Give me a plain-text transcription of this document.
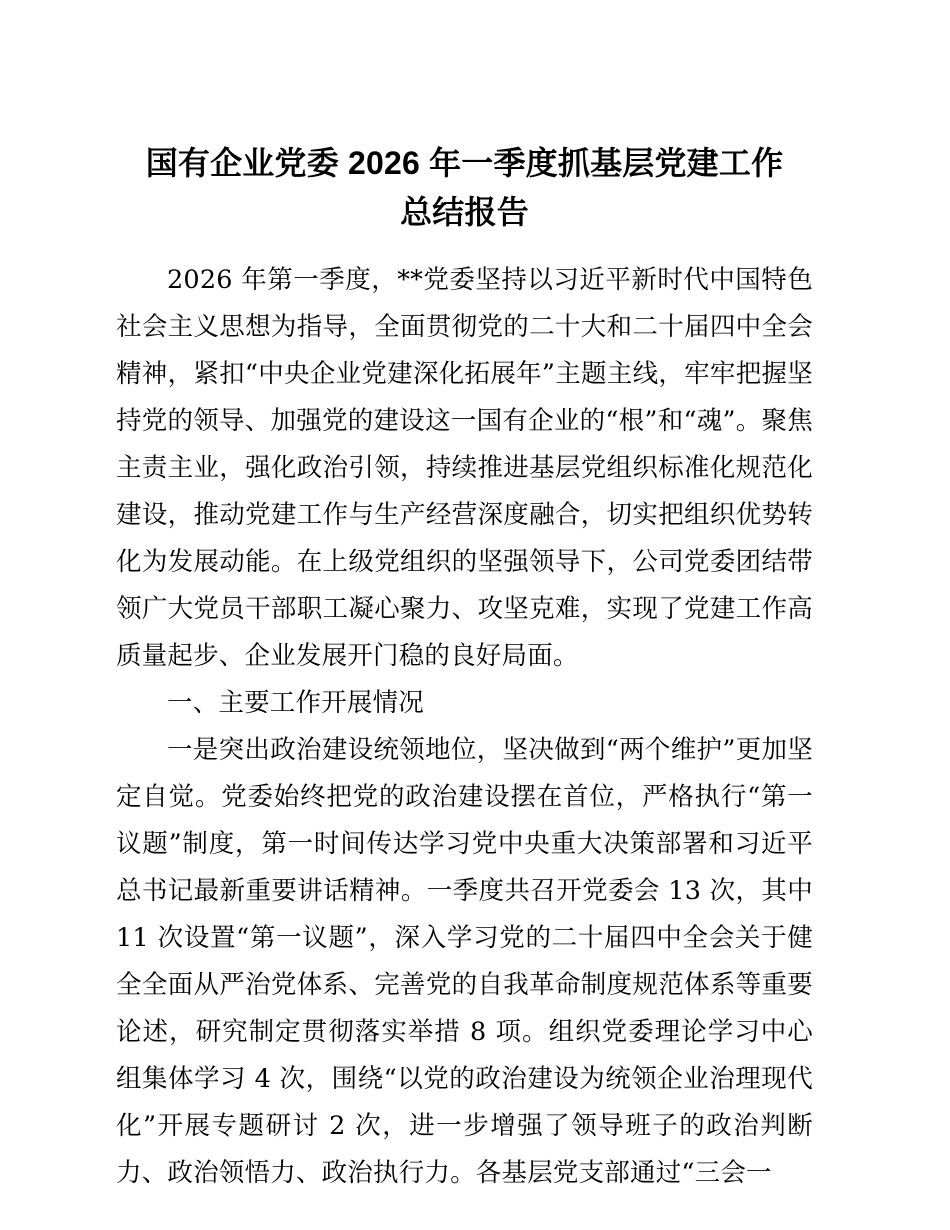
国有企业党委 2026 年一季度抓基层党建工作
总结报告

2026 年第一季度，**党委坚持以习近平新时代中国特色社会主义思想为指导，全面贯彻党的二十大和二十届四中全会精神，紧扣“中央企业党建深化拓展年”主题主线，牢牢把握坚持党的领导、加强党的建设这一国有企业的“根”和“魂”。聚焦主责主业，强化政治引领，持续推进基层党组织标准化规范化建设，推动党建工作与生产经营深度融合，切实把组织优势转化为发展动能。在上级党组织的坚强领导下，公司党委团结带领广大党员干部职工凝心聚力、攻坚克难，实现了党建工作高质量起步、企业发展开门稳的良好局面。

一、主要工作开展情况

一是突出政治建设统领地位，坚决做到“两个维护”更加坚定自觉。党委始终把党的政治建设摆在首位，严格执行“第一议题”制度，第一时间传达学习党中央重大决策部署和习近平总书记最新重要讲话精神。一季度共召开党委会 13 次，其中 11 次设置“第一议题”，深入学习党的二十届四中全会关于健全全面从严治党体系、完善党的自我革命制度规范体系等重要论述，研究制定贯彻落实举措 8 项。组织党委理论学习中心组集体学习 4 次，围绕“以党的政治建设为统领企业治理现代化”开展专题研讨 2 次，进一步增强了领导班子的政治判断力、政治领悟力、政治执行力。各基层党支部通过“三会一
